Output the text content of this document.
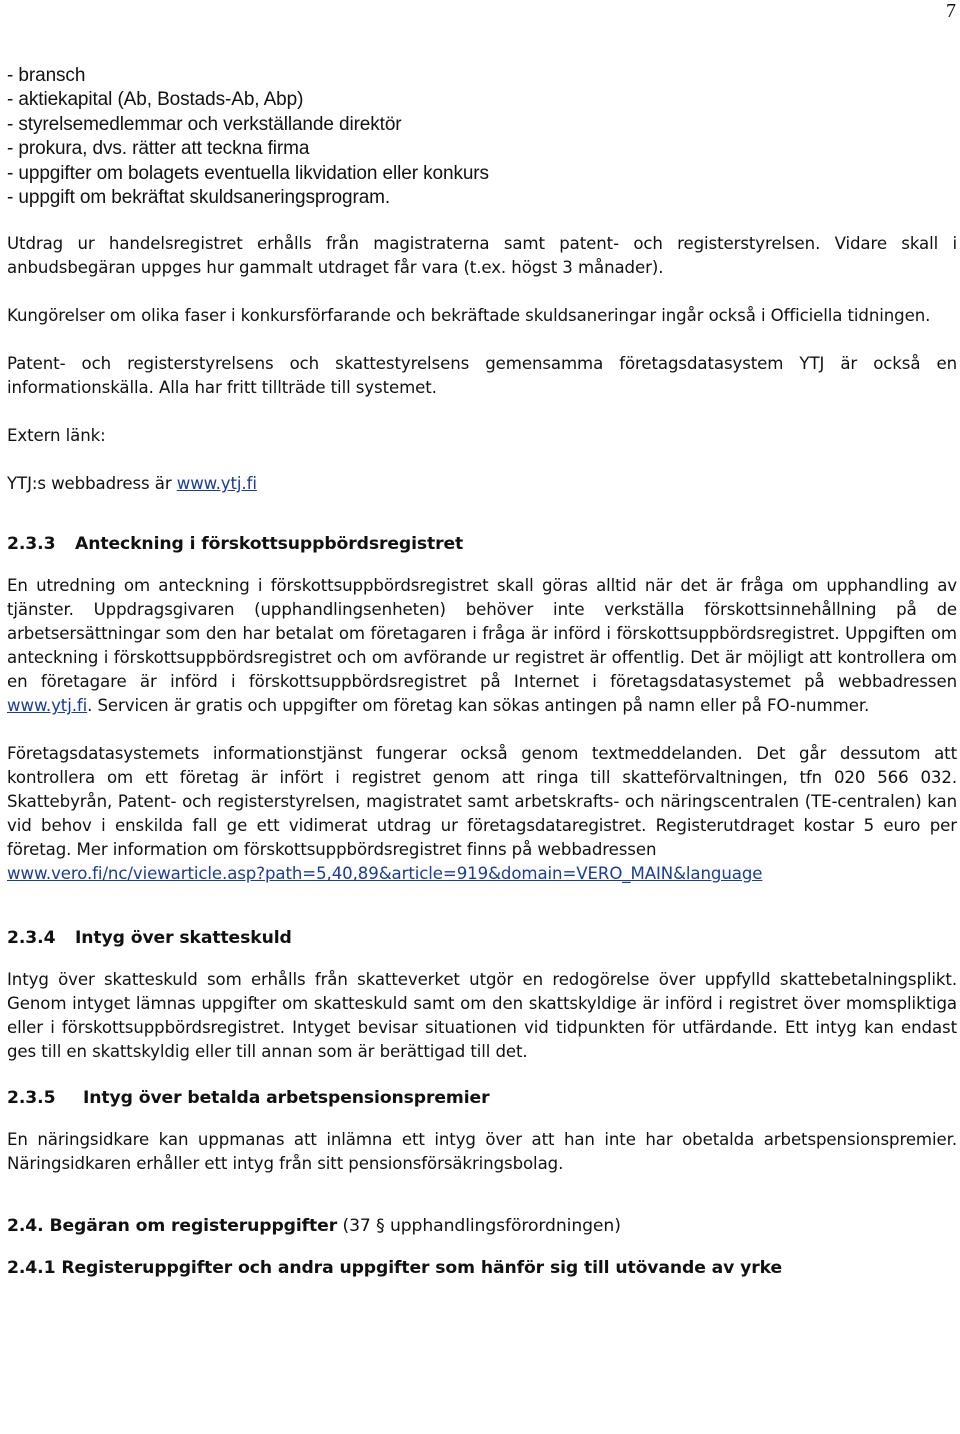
7
- bransch
- aktiekapital (Ab, Bostads-Ab, Abp)
- styrelsemedlemmar och verkställande direktör
- prokura, dvs. rätter att teckna firma
- uppgifter om bolagets eventuella likvidation eller konkurs
- uppgift om bekräftat skuldsaneringsprogram.

Utdrag ur handelsregistret erhålls från magistraterna samt patent- och registerstyrelsen. Vidare skall i anbudsbegäran uppges hur gammalt utdraget får vara (t.ex. högst 3 månader).

Kungörelser om olika faser i konkursförfarande och bekräftade skuldsaneringar ingår också i Officiella tidningen.

Patent- och registerstyrelsens och skattestyrelsens gemensamma företagsdatasystem YTJ är också en informationskälla. Alla har fritt tillträde till systemet.

Extern länk:

YTJ:s webbadress är www.ytj.fi

2.3.3 Anteckning i förskottsuppbördsregistret

En utredning om anteckning i förskottsuppbördsregistret skall göras alltid när det är fråga om upphandling av tjänster. Uppdragsgivaren (upphandlingsenheten) behöver inte verkställa förskottsinnehållning på de arbetsersättningar som den har betalat om företagaren i fråga är införd i förskottsuppbördsregistret. Uppgiften om anteckning i förskottsuppbördsregistret och om avförande ur registret är offentlig. Det är möjligt att kontrollera om en företagare är införd i förskottsuppbördsregistret på Internet i företagsdatasystemet på webbadressen www.ytj.fi. Servicen är gratis och uppgifter om företag kan sökas antingen på namn eller på FO-nummer.

Företagsdatasystemets informationstjänst fungerar också genom textmeddelanden. Det går dessutom att kontrollera om ett företag är infört i registret genom att ringa till skatteförvaltningen, tfn 020 566 032. Skattebyrån, Patent- och registerstyrelsen, magistratet samt arbetskrafts- och näringscentralen (TE-centralen) kan vid behov i enskilda fall ge ett vidimerat utdrag ur företagsdataregistret. Registerutdraget kostar 5 euro per företag. Mer information om förskottsuppbördsregistret finns på webbadressen
www.vero.fi/nc/viewarticle.asp?path=5,40,89&article=919&domain=VERO_MAIN&language

2.3.4 Intyg över skatteskuld

Intyg över skatteskuld som erhålls från skatteverket utgör en redogörelse över uppfylld skattebetalningsplikt. Genom intyget lämnas uppgifter om skatteskuld samt om den skattskyldige är införd i registret över momspliktiga eller i förskottsuppbördsregistret. Intyget bevisar situationen vid tidpunkten för utfärdande. Ett intyg kan endast ges till en skattskyldig eller till annan som är berättigad till det.

2.3.5 Intyg över betalda arbetspensionspremier

En näringsidkare kan uppmanas att inlämna ett intyg över att han inte har obetalda arbetspensionspremier. Näringsidkaren erhåller ett intyg från sitt pensionsförsäkringsbolag.

2.4. Begäran om registeruppgifter (37 § upphandlingsförordningen)
2.4.1 Registeruppgifter och andra uppgifter som hänför sig till utövande av yrke
